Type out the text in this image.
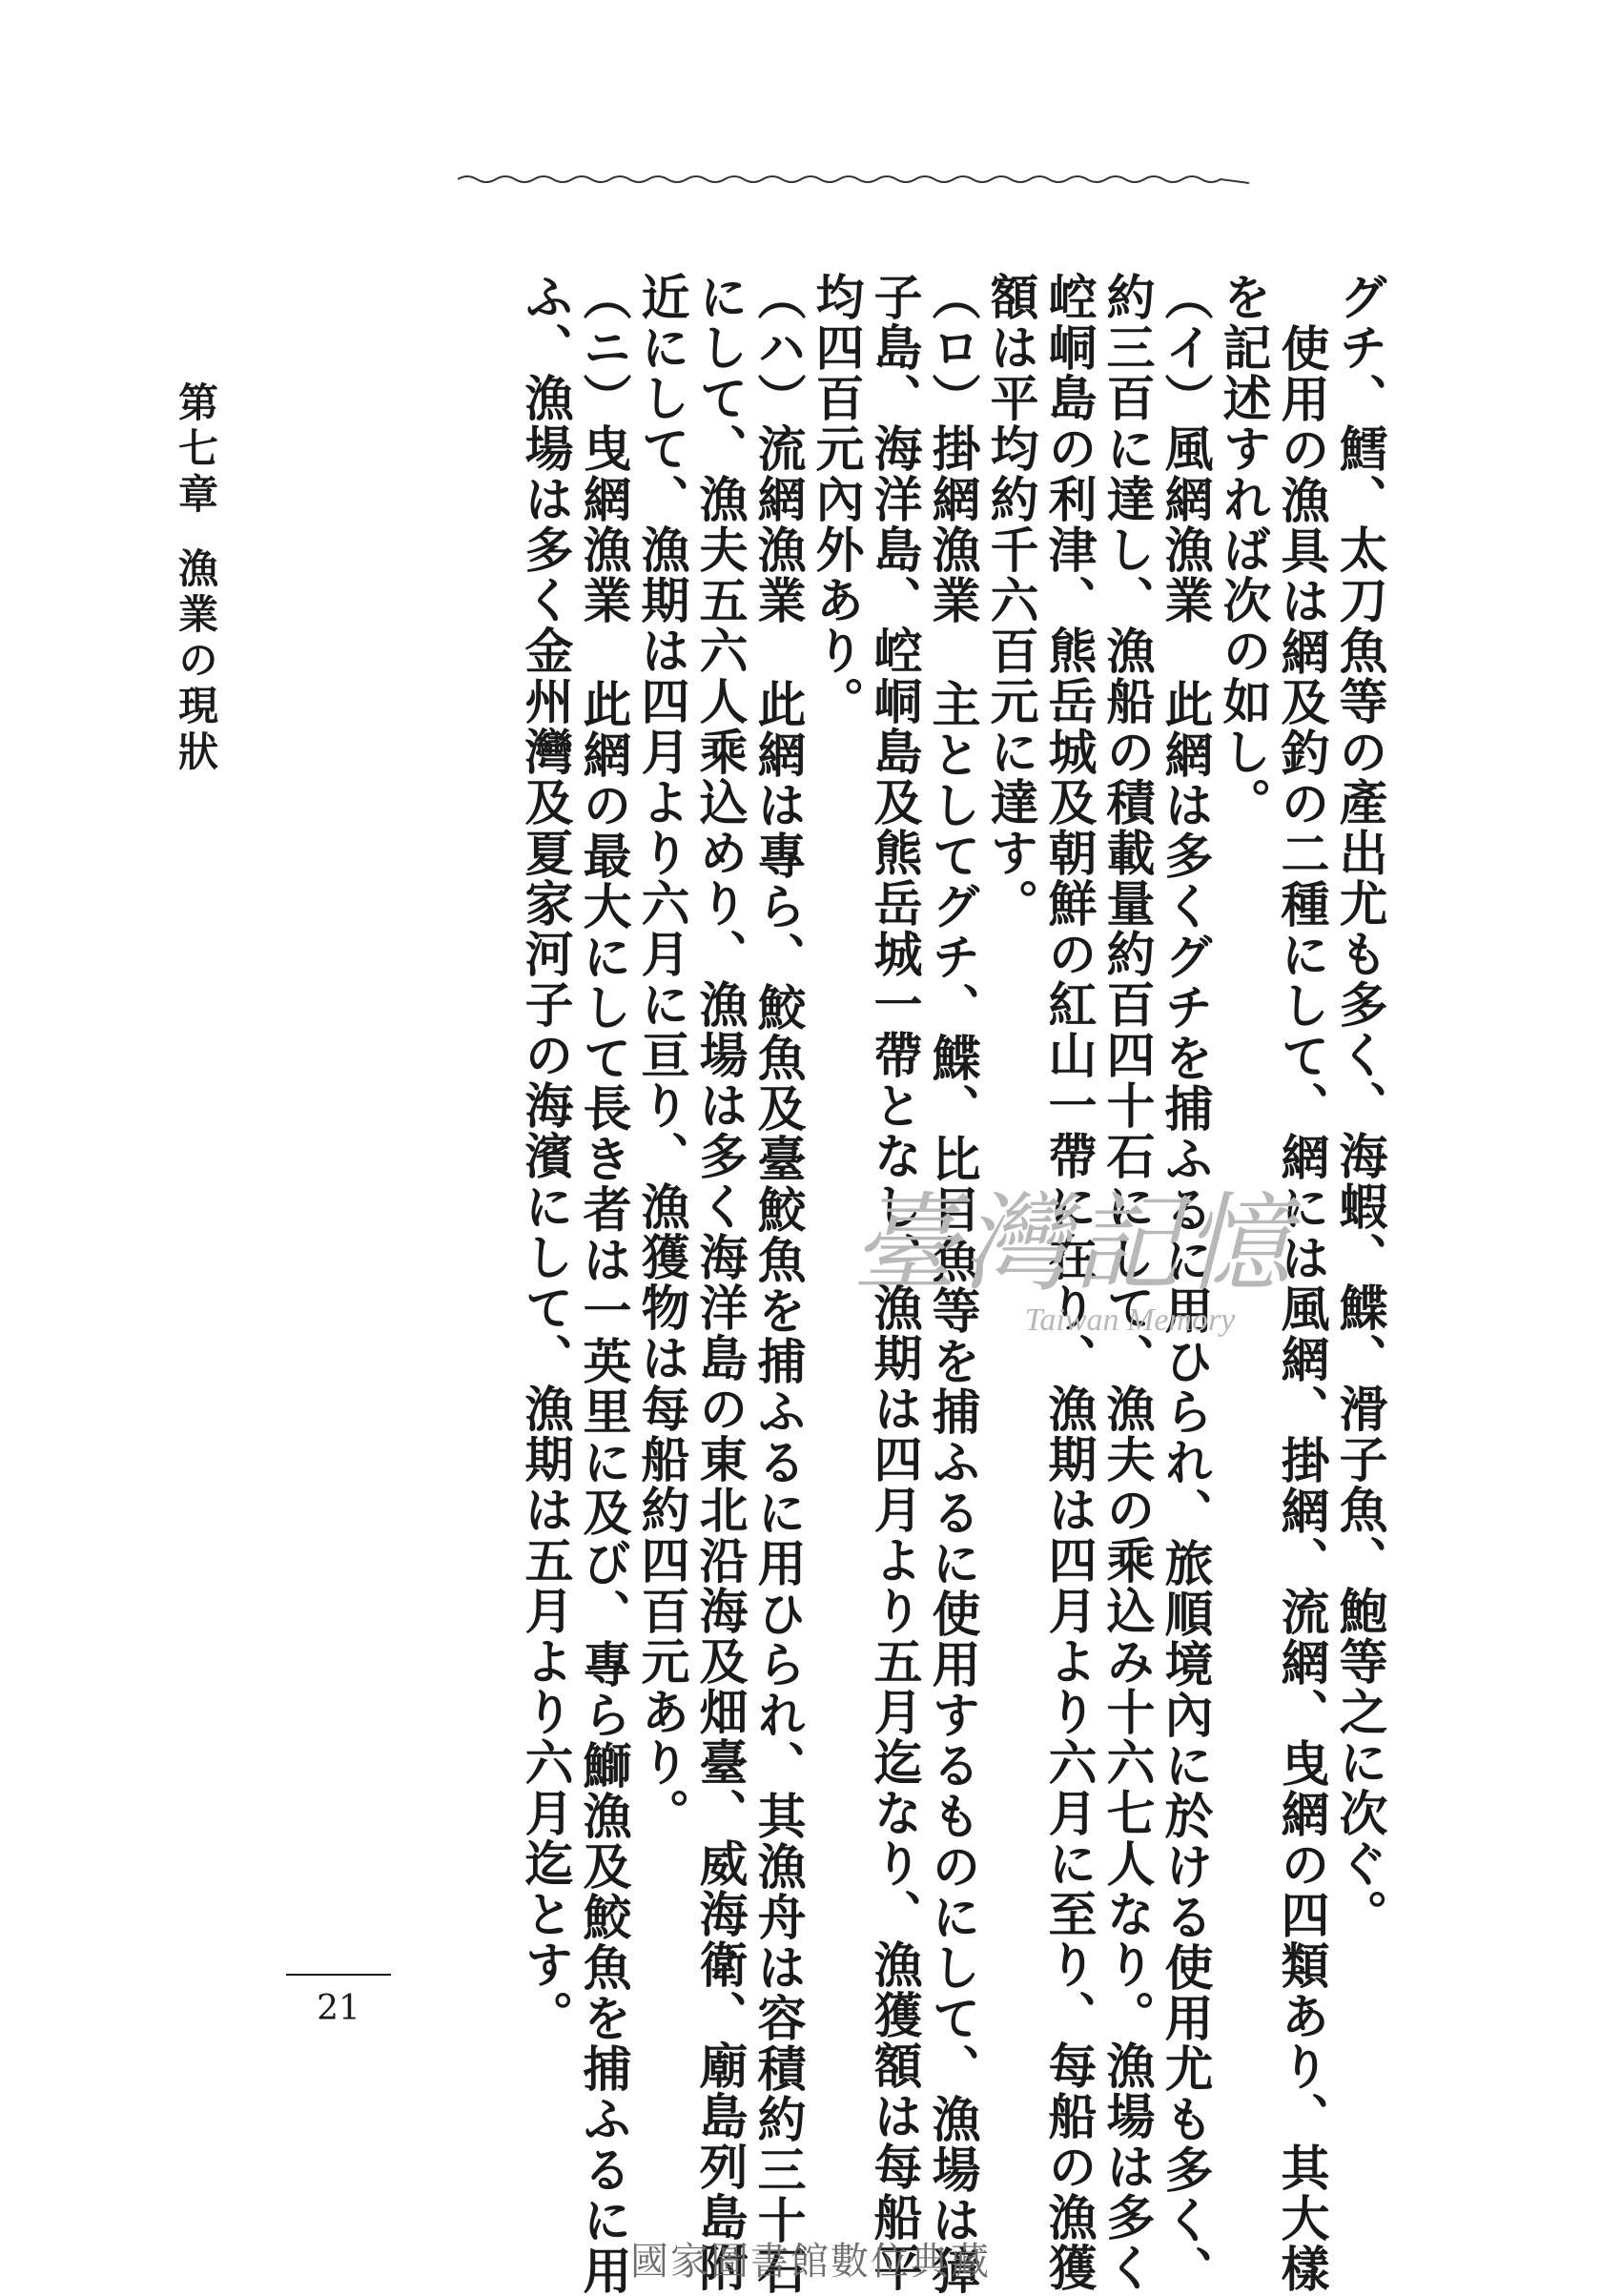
グチ、鱈、太刀魚等の產出尤も多く、海蝦、鰈、滑子魚、鮑等之に次ぐ。
使用の漁具は網及釣の二種にして、網には風網、掛網、流網、曳網の四類あり、其大樣
を記述すれば次の如し。
（イ）風網漁業此網は多くグチを捕ふるに用ひられ、旅順境內に於ける使用尤も多く、
約三百に達し、漁船の積載量約百四十石にして、漁夫の乘込み十六七人なり。漁場は多く
崆峒島の利津、熊岳城及朝鮮の紅山一帶に在り、漁期は四月より六月に至り、每船の漁獲
額は平均約千六百元に達す。
（ロ）掛網漁業主としてグチ、鰈、比目魚等を捕ふるに使用するものにして、漁場は獐
子島、海洋島、崆峒島及熊岳城一帶となし、漁期は四月より五月迄なり、漁獲額は每船平
均四百元內外あり。
（ハ）流網漁業此網は專ら、鮫魚及臺鮫魚を捕ふるに用ひられ、其漁舟は容積約三十石
にして、漁夫五六人乘込めり、漁場は多く海洋島の東北沿海及畑臺、威海衛、廟島列島附
近にして、漁期は四月より六月に亘り、漁獲物は每船約四百元あり。
（ニ）曳網漁業此網の最大にして長き者は一英里に及び、專ら鰤漁及鮫魚を捕ふるに用
ふ、漁場は多く金州灣及夏家河子の海濱にして、漁期は五月より六月迄とす。
第七章漁業の現狀
21
臺灣記憶
Taiwan Memory
國家圖書館數位典藏
